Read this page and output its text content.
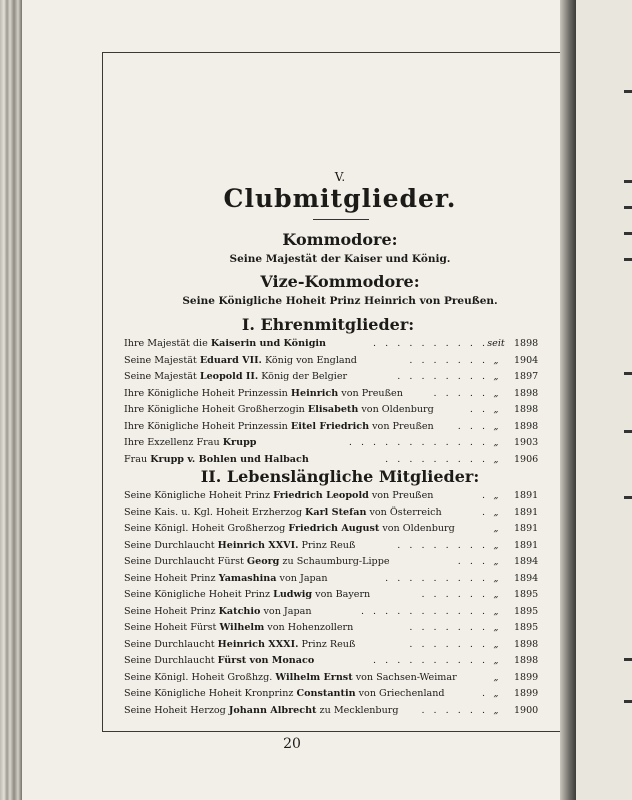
V.
Clubmitglieder.
Kommodore:
Seine Majestät der Kaiser und König.
Vize-Kommodore:
Seine Königliche Hoheit Prinz Heinrich von Preußen.
I. Ehrenmitglieder:
Ihre Majestät die Kaiserin und Königin	. . . . . . . . . . seit 1898
Seine Majestät Eduard VII. König von England	. . . . . . . „	1904
Seine Majestät Leopold II. König der Belgier	. . . . . . . . „	1897
Ihre Königliche Hoheit Prinzessin Heinrich von Preußen	. . . . . „	1898
Ihre Königliche Hoheit Großherzogin Elisabeth von Oldenburg	. . „	1898
Ihre Königliche Hoheit Prinzessin Eitel Friedrich von Preußen	. . . „	1898
Ihre Exzellenz Frau Krupp	. . . . . . . . . . . . „	1903
Frau Krupp v. Bohlen und Halbach	. . . . . . . . . „	1906
II. Lebenslängliche Mitglieder:
Seine Königliche Hoheit Prinz Friedrich Leopold von Preußen	. „	1891
Seine Kais. u. Kgl. Hoheit Erzherzog Karl Stefan von Österreich	. „	1891
Seine Königl. Hoheit Großherzog Friedrich August von Oldenburg	„	1891
Seine Durchlaucht Heinrich XXVI. Prinz Reuß	. . . . . . . . „	1891
Seine Durchlaucht Fürst Georg zu Schaumburg-Lippe	. . . „	1894
Seine Hoheit Prinz Yamashina von Japan	. . . . . . . . . „	1894
Seine Königliche Hoheit Prinz Ludwig von Bayern	. . . . . . „	1895
Seine Hoheit Prinz Katchio von Japan	. . . . . . . . . . . „	1895
Seine Hoheit Fürst Wilhelm von Hohenzollern	. . . . . . . „	1895
Seine Durchlaucht Heinrich XXXI. Prinz Reuß	. . . . . . . „	1898
Seine Durchlaucht Fürst von Monaco	. . . . . . . . . . „	1898
Seine Königl. Hoheit Großhzg. Wilhelm Ernst von Sachsen-Weimar	„	1899
Seine Königliche Hoheit Kronprinz Constantin von Griechenland	. „	1899
Seine Hoheit Herzog Johann Albrecht zu Mecklenburg . . . . . . „	1900
20
